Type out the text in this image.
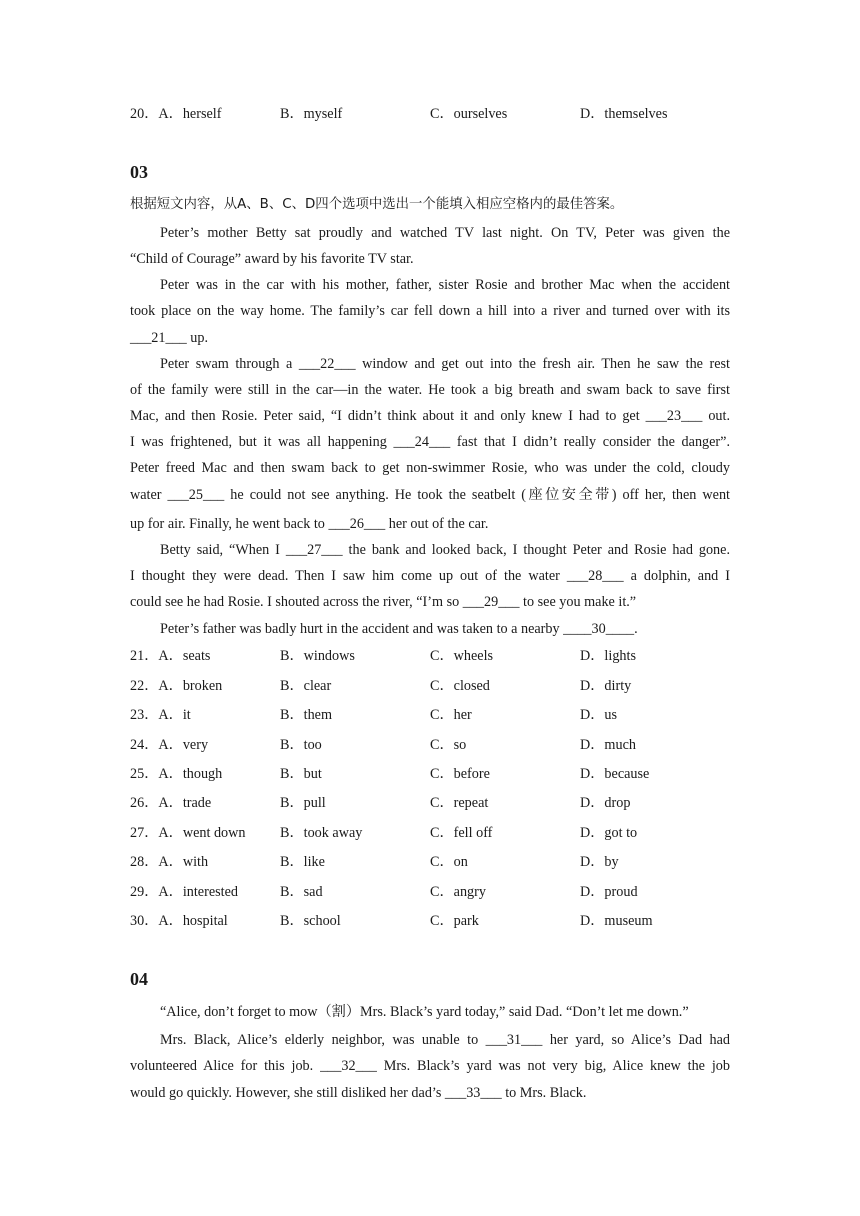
20．A．herself	B．myself	C．ourselves	D．themselves
03
根据短文内容，从A、B、C、D四个选项中选出一个能填入相应空格内的最佳答案。
Peter’s mother Betty sat proudly and watched TV last night. On TV, Peter was given the
“Child of Courage” award by his favorite TV star.
Peter was in the car with his mother, father, sister Rosie and brother Mac when the accident
took place on the way home. The family’s car fell down a hill into a river and turned over with its
___21___ up.
Peter swam through a ___22___ window and get out into the fresh air. Then he saw the rest
of the family were still in the car—in the water. He took a big breath and swam back to save first
Mac, and then Rosie. Peter said, “I didn’t think about it and only knew I had to get ___23___ out.
I was frightened, but it was all happening ___24___ fast that I didn’t really consider the danger”.
Peter freed Mac and then swam back to get non-swimmer Rosie, who was under the cold, cloudy
water ___25___ he could not see anything. He took the seatbelt (座位安全带) off her, then went
up for air. Finally, he went back to ___26___ her out of the car.
Betty said, “When I ___27___ the bank and looked back, I thought Peter and Rosie had gone.
I thought they were dead. Then I saw him come up out of the water ___28___ a dolphin, and I
could see he had Rosie. I shouted across the river, “I’m so ___29___ to see you make it.”
Peter’s father was badly hurt in the accident and was taken to a nearby ____30____.
21．A．seats	B．windows	C．wheels	D．lights
22．A．broken	B．clear	C．closed	D．dirty
23．A．it	B．them	C．her	D．us
24．A．very	B．too	C．so	D．much
25．A．though	B．but	C．before	D．because
26．A．trade	B．pull	C．repeat	D．drop
27．A．went down B．took away	C．fell off	D．got to
28．A．with	B．like	C．on	D．by
29．A．interested	B．sad	C．angry	D．proud
30．A．hospital	B．school	C．park	D．museum
04
“Alice, don’t forget to mow（割）Mrs. Black’s yard today,” said Dad. “Don’t let me down.”
Mrs. Black, Alice’s elderly neighbor, was unable to ___31___ her yard, so Alice’s Dad had
volunteered Alice for this job. ___32___ Mrs. Black’s yard was not very big, Alice knew the job
would go quickly. However, she still disliked her dad’s ___33___ to Mrs. Black.
